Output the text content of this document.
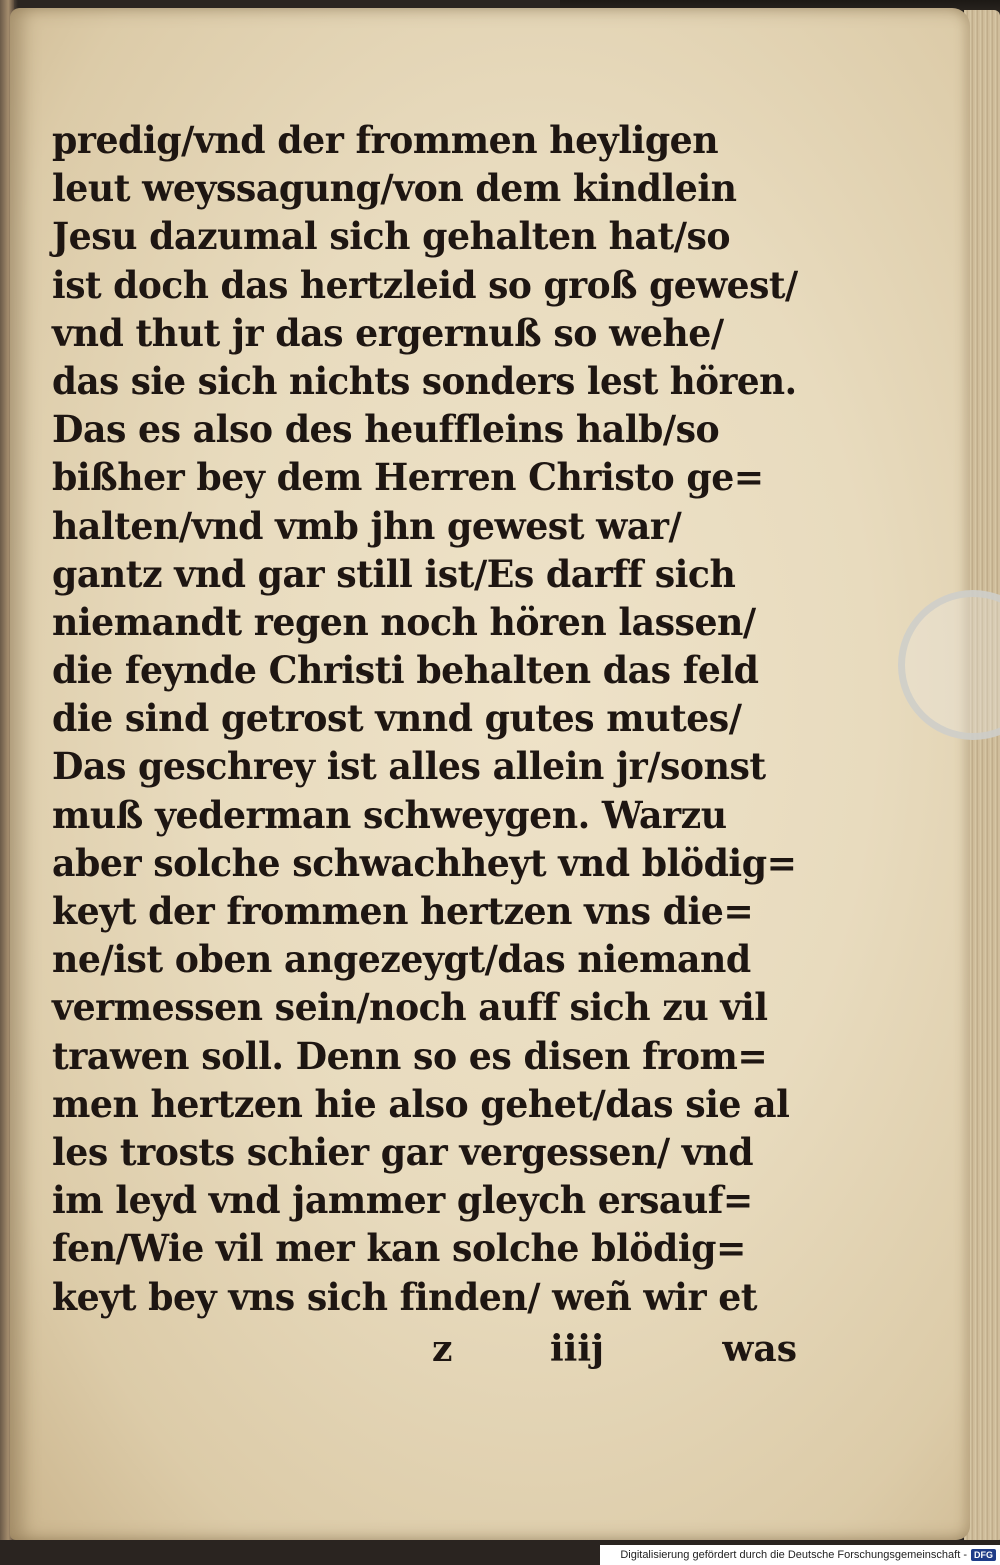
predig/vnd der frommen heyligen
leut weyssagung/von dem kindlein
Jesu dazumal sich gehalten hat/so
ist doch das hertzleid so groß gewest/
vnd thut jr das ergernuß so wehe/
das sie sich nichts sonders lest hören.
Das es also des heuffleins halb/so
bißher bey dem Herren Christo ge=
halten/vnd vmb jhn gewest war/
gantz vnd gar still ist/Es darff sich
niemandt regen noch hören lassen/
die feynde Christi behalten das feld
die sind getrost vnnd gutes mutes/
Das geschrey ist alles allein jr/sonst
muß yederman schweygen. Warzu
aber solche schwachheyt vnd blödig=
keyt der frommen hertzen vns die=
ne/ist oben angezeygt/das niemand
vermessen sein/noch auff sich zu vil
trawen soll. Denn so es disen from=
men hertzen hie also gehet/das sie al
les trosts schier gar vergessen/ vnd
im leyd vnd jammer gleych ersauf=
fen/Wie vil mer kan solche blödig=
keyt bey vns sich finden/ weñ wir et
z	iiij	was
Digitalisierung gefördert durch die Deutsche Forschungsgemeinschaft - DFG
